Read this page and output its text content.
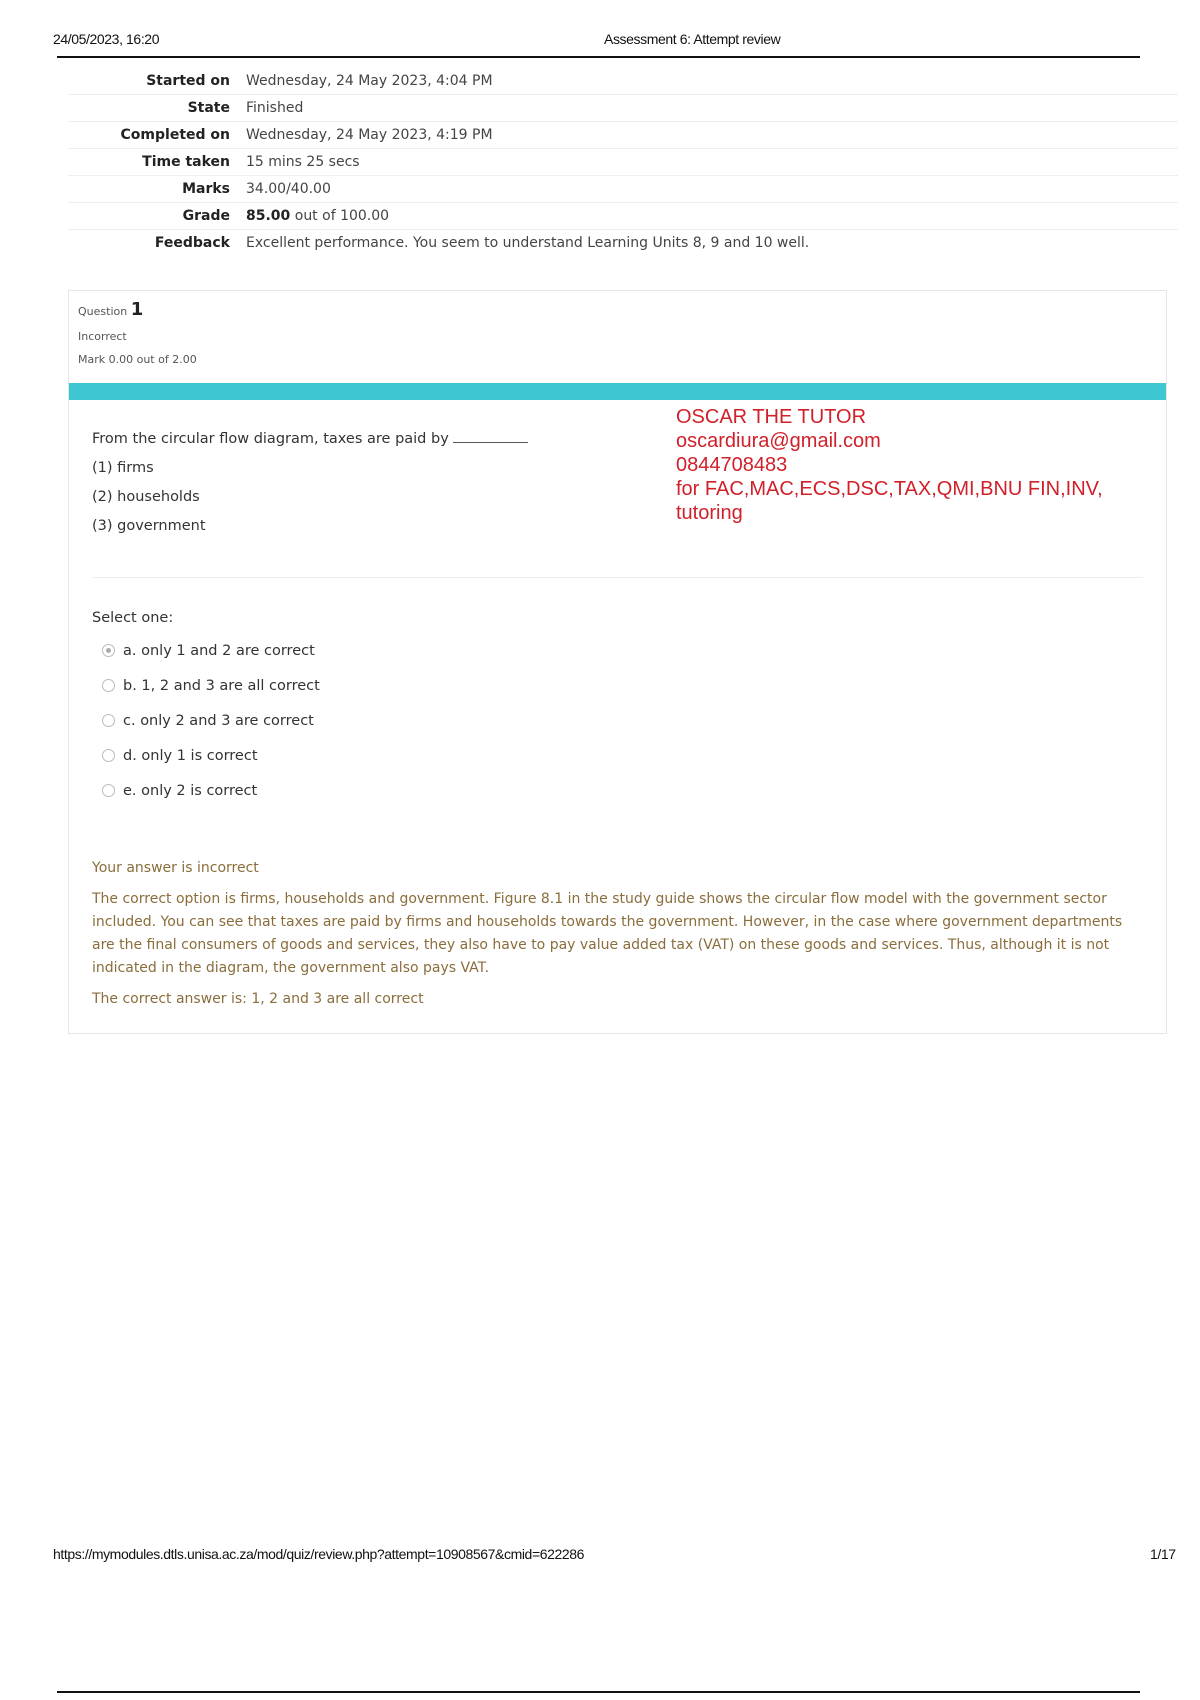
24/05/2023, 16:20	Assessment 6: Attempt review
Started on	Wednesday, 24 May 2023, 4:04 PM
State	Finished
Completed on	Wednesday, 24 May 2023, 4:19 PM
Time taken	15 mins 25 secs
Marks	34.00/40.00
Grade	85.00 out of 100.00
Feedback	Excellent performance. You seem to understand Learning Units 8, 9 and 10 well.
Question 1
Incorrect
Mark 0.00 out of 2.00
OSCAR THE TUTOR
oscardiura@gmail.com
0844708483
for FAC,MAC,ECS,DSC,TAX,QMI,BNU FIN,INV,
tutoring
From the circular flow diagram, taxes are paid by
(1) firms
(2) households
(3) government
Select one:
a. only 1 and 2 are correct
b. 1, 2 and 3 are all correct
c. only 2 and 3 are correct
d. only 1 is correct
e. only 2 is correct

Your answer is incorrect

The correct option is firms, households and government. Figure 8.1 in the study guide shows the circular flow model with the government sector included. You can see that taxes are paid by firms and households towards the government. However, in the case where government departments are the final consumers of goods and services, they also have to pay value added tax (VAT) on these goods and services. Thus, although it is not indicated in the diagram, the government also pays VAT.

The correct answer is: 1, 2 and 3 are all correct

https://mymodules.dtls.unisa.ac.za/mod/quiz/review.php?attempt=10908567&cmid=622286	1/17
